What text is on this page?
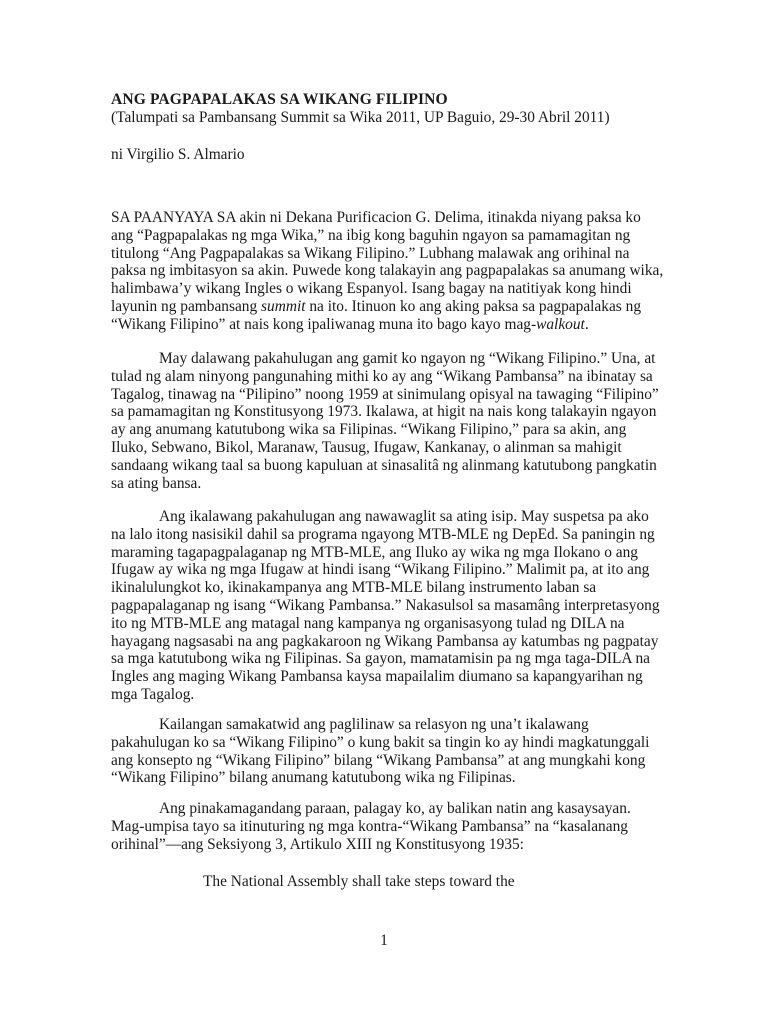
ANG PAGPAPALAKAS SA WIKANG FILIPINO
(Talumpati sa Pambansang Summit sa Wika 2011, UP Baguio, 29-30 Abril 2011)
ni Virgilio S. Almario
SA PAANYAYA SA akin ni Dekana Purificacion G. Delima, itinakda niyang paksa ko
ang “Pagpapalakas ng mga Wika,” na ibig kong baguhin ngayon sa pamamagitan ng
titulong “Ang Pagpapalakas sa Wikang Filipino.” Lubhang malawak ang orihinal na
paksa ng imbitasyon sa akin. Puwede kong talakayin ang pagpapalakas sa anumang wika,
halimbawa’y wikang Ingles o wikang Espanyol. Isang bagay na natitiyak kong hindi
layunin ng pambansang summit na ito. Itinuon ko ang aking paksa sa pagpapalakas ng
“Wikang Filipino” at nais kong ipaliwanag muna ito bago kayo mag-walkout.
May dalawang pakahulugan ang gamit ko ngayon ng “Wikang Filipino.” Una, at
tulad ng alam ninyong pangunahing mithi ko ay ang “Wikang Pambansa” na ibinatay sa
Tagalog, tinawag na “Pilipino” noong 1959 at sinimulang opisyal na tawaging “Filipino”
sa pamamagitan ng Konstitusyong 1973. Ikalawa, at higit na nais kong talakayin ngayon
ay ang anumang katutubong wika sa Filipinas. “Wikang Filipino,” para sa akin, ang
Iluko, Sebwano, Bikol, Maranaw, Tausug, Ifugaw, Kankanay, o alinman sa mahigit
sandaang wikang taal sa buong kapuluan at sinasalitâ ng alinmang katutubong pangkatin
sa ating bansa.
Ang ikalawang pakahulugan ang nawawaglit sa ating isip. May suspetsa pa ako
na lalo itong nasisikil dahil sa programa ngayong MTB-MLE ng DepEd. Sa paningin ng
maraming tagapagpalaganap ng MTB-MLE, ang Iluko ay wika ng mga Ilokano o ang
Ifugaw ay wika ng mga Ifugaw at hindi isang “Wikang Filipino.” Malimit pa, at ito ang
ikinalulungkot ko, ikinakampanya ang MTB-MLE bilang instrumento laban sa
pagpapalaganap ng isang “Wikang Pambansa.” Nakasulsol sa masamâng interpretasyong
ito ng MTB-MLE ang matagal nang kampanya ng organisasyong tulad ng DILA na
hayagang nagsasabi na ang pagkakaroon ng Wikang Pambansa ay katumbas ng pagpatay
sa mga katutubong wika ng Filipinas. Sa gayon, mamatamisin pa ng mga taga-DILA na
Ingles ang maging Wikang Pambansa kaysa mapailalim diumano sa kapangyarihan ng
mga Tagalog.
Kailangan samakatwid ang paglilinaw sa relasyon ng una’t ikalawang
pakahulugan ko sa “Wikang Filipino” o kung bakit sa tingin ko ay hindi magkatunggali
ang konsepto ng “Wikang Filipino” bilang “Wikang Pambansa” at ang mungkahi kong
“Wikang Filipino” bilang anumang katutubong wika ng Filipinas.
Ang pinakamagandang paraan, palagay ko, ay balikan natin ang kasaysayan.
Mag-umpisa tayo sa itinuturing ng mga kontra-“Wikang Pambansa” na “kasalanang
orihinal”—ang Seksiyong 3, Artikulo XIII ng Konstitusyong 1935:
The National Assembly shall take steps toward the
1
